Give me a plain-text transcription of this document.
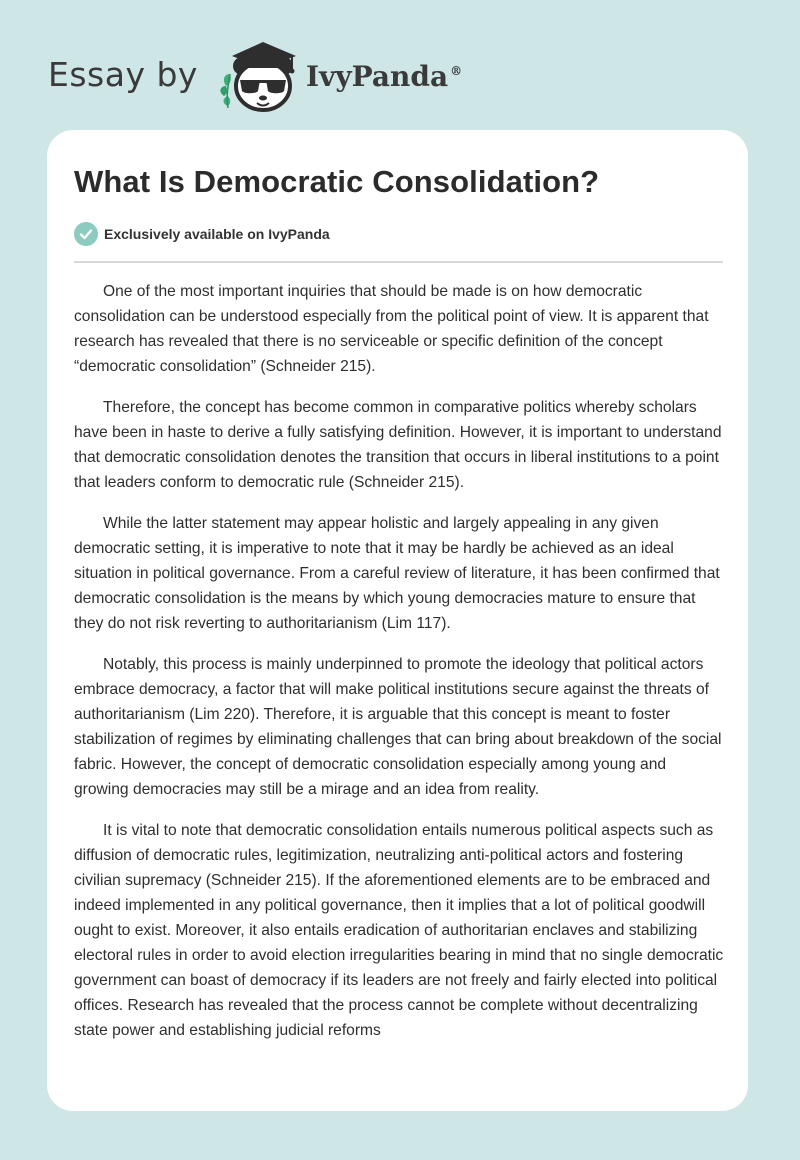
Essay by	IvyPanda ®
What Is Democratic Consolidation?
Exclusively available on IvyPanda

One of the most important inquiries that should be made is on how democratic consolidation can be understood especially from the political point of view. It is apparent that research has revealed that there is no serviceable or specific definition of the concept “democratic consolidation” (Schneider 215).

Therefore, the concept has become common in comparative politics whereby scholars have been in haste to derive a fully satisfying definition. However, it is important to understand that democratic consolidation denotes the transition that occurs in liberal institutions to a point that leaders conform to democratic rule (Schneider 215).

While the latter statement may appear holistic and largely appealing in any given democratic setting, it is imperative to note that it may be hardly be achieved as an ideal situation in political governance. From a careful review of literature, it has been confirmed that democratic consolidation is the means by which young democracies mature to ensure that they do not risk reverting to authoritarianism (Lim 117).

Notably, this process is mainly underpinned to promote the ideology that political actors embrace democracy, a factor that will make political institutions secure against the threats of authoritarianism (Lim 220). Therefore, it is arguable that this concept is meant to foster stabilization of regimes by eliminating challenges that can bring about breakdown of the social fabric. However, the concept of democratic consolidation especially among young and growing democracies may still be a mirage and an idea from reality.

It is vital to note that democratic consolidation entails numerous political aspects such as diffusion of democratic rules, legitimization, neutralizing anti-political actors and fostering civilian supremacy (Schneider 215). If the aforementioned elements are to be embraced and indeed implemented in any political governance, then it implies that a lot of political goodwill ought to exist. Moreover, it also entails eradication of authoritarian enclaves and stabilizing electoral rules in order to avoid election irregularities bearing in mind that no single democratic government can boast of democracy if its leaders are not freely and fairly elected into political offices. Research has revealed that the process cannot be complete without decentralizing state power and establishing judicial reforms
